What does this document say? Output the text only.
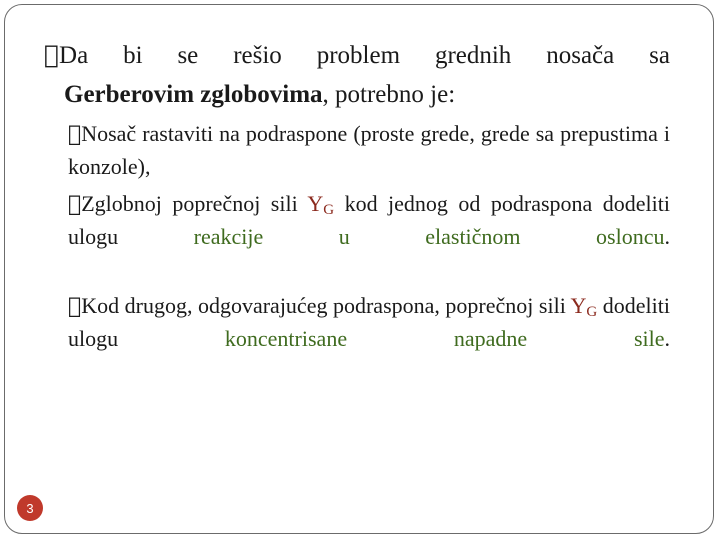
Da bi se rešio problem grednih nosača sa
Gerberovim zglobovima, potrebno je:
Nosač rastaviti na podraspone (proste grede, grede sa prepustima i konzole),
Zglobnoj poprečnoj sili $Y_G$ kod jednog od podraspona dodeliti ulogu reakcije u elastičnom osloncu.
Kod drugog, odgovarajućeg podraspona, poprečnoj sili $Y_G$ dodeliti ulogu koncentrisane napadne sile.
3
